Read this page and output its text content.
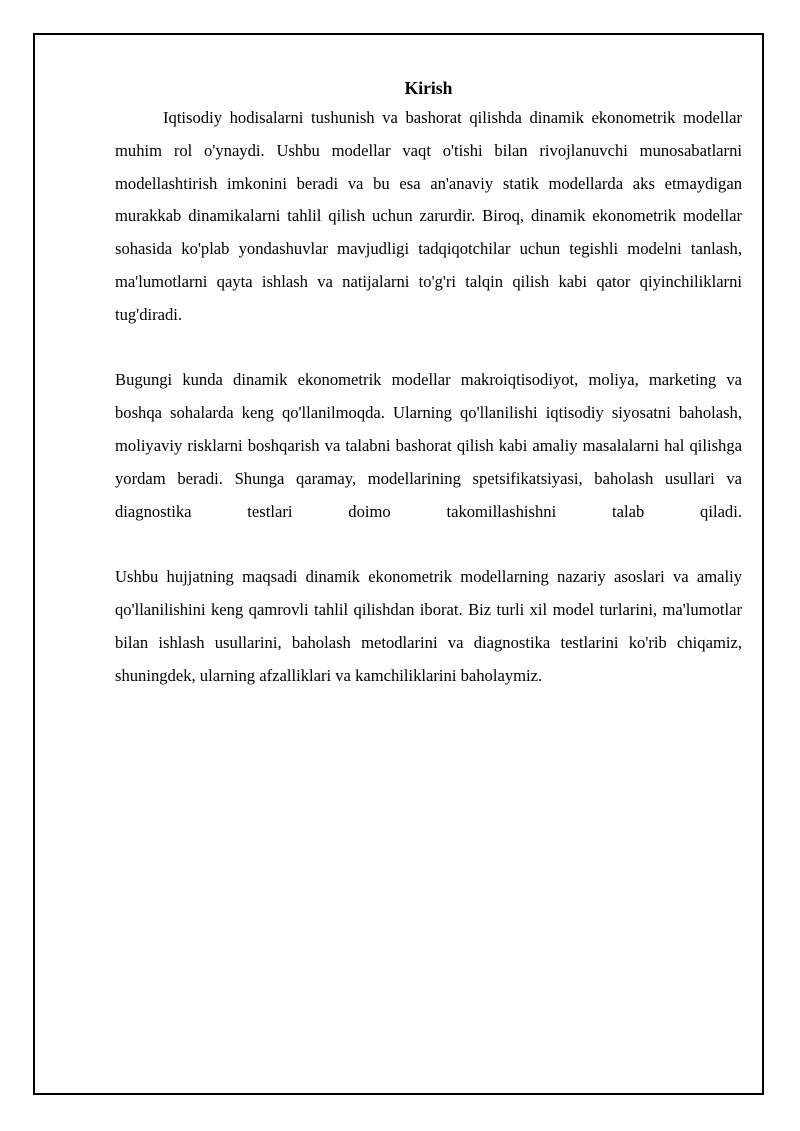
Kirish

Iqtisodiy hodisalarni tushunish va bashorat qilishda dinamik ekonometrik modellar muhim rol o'ynaydi. Ushbu modellar vaqt o'tishi bilan rivojlanuvchi munosabatlarni modellashtirish imkonini beradi va bu esa an'anaviy statik modellarda aks etmaydigan murakkab dinamikalarni tahlil qilish uchun zarurdir. Biroq, dinamik ekonometrik modellar sohasida ko'plab yondashuvlar mavjudligi tadqiqotchilar uchun tegishli modelni tanlash, ma'lumotlarni qayta ishlash va natijalarni to'g'ri talqin qilish kabi qator qiyinchiliklarni tug'diradi.

Bugungi kunda dinamik ekonometrik modellar makroiqtisodiyot, moliya, marketing va boshqa sohalarda keng qo'llanilmoqda. Ularning qo'llanilishi iqtisodiy siyosatni baholash, moliyaviy risklarni boshqarish va talabni bashorat qilish kabi amaliy masalalarni hal qilishga yordam beradi. Shunga qaramay, modellarining spetsifikatsiyasi, baholash usullari va diagnostika testlari doimo takomillashishni talab qiladi.

Ushbu hujjatning maqsadi dinamik ekonometrik modellarning nazariy asoslari va amaliy qo'llanilishini keng qamrovli tahlil qilishdan iborat. Biz turli xil model turlarini, ma'lumotlar bilan ishlash usullarini, baholash metodlarini va diagnostika testlarini ko'rib chiqamiz, shuningdek, ularning afzalliklari va kamchiliklarini baholaymiz.
